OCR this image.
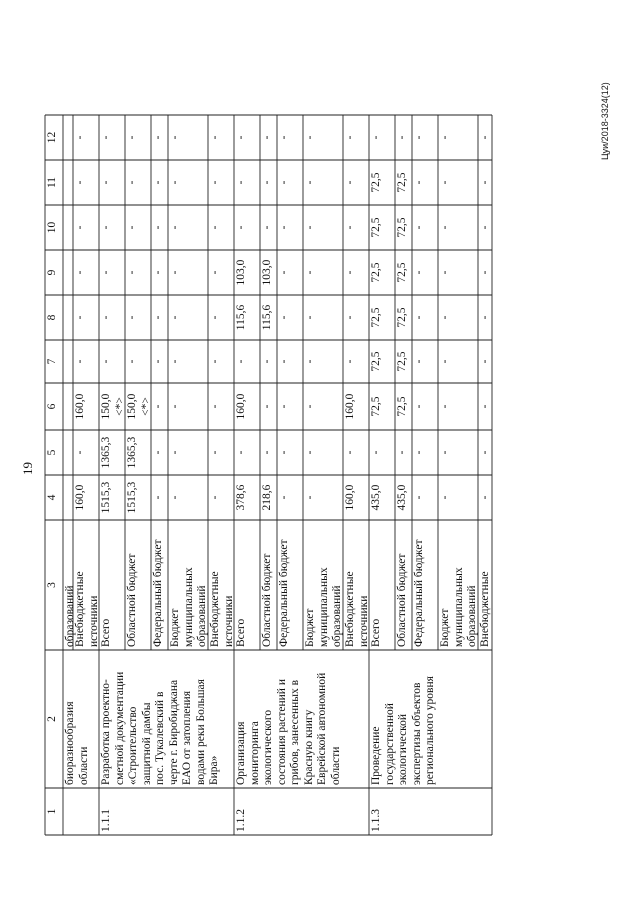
19
Цуи/2018-3324(12)
1
2
3
4
5
6
7
8
9
10
11
12
биоразнообразия
области
образований
Внебюджетные
источники
160,0
-
160,0
-
-
-
-
-
-
1.1.1
Разработка проектно-
сметной документации
«Строительство
защитной дамбы
пос. Тукалевский в
черте г. Биробиджана
ЕАО от затопления
водами реки Большая
Бира»
Всего
1515,3
1365,3
150,0
<*>
-
-
-
-
-
-
Областной бюджет
1515,3
1365,3
150,0
<*>
-
-
-
-
-
-
Федеральный бюджет
-
-
-
-
-
-
-
-
-
Бюджет
муниципальных
образований
-
-
-
-
-
-
-
-
-
Внебюджетные
источники
-
-
-
-
-
-
-
-
-
1.1.2
Организация
мониторинга
экологического
состояния растений и
грибов, занесенных в
Красную книгу
Еврейской автономной
области
Всего
378,6
-
160,0
-
115,6
103,0
-
-
-
Областной бюджет
218,6
-
-
-
115,6
103,0
-
-
-
Федеральный бюджет
-
-
-
-
-
-
-
-
-
Бюджет
муниципальных
образований
-
-
-
-
-
-
-
-
-
Внебюджетные
источники
160,0
-
160,0
-
-
-
-
-
-
1.1.3
Проведение
государственной
экологической
экспертизы объектов
регионального уровня
Всего
435,0
-
72,5
72,5
72,5
72,5
72,5
72,5
-
Областной бюджет
435,0
-
72,5
72,5
72,5
72,5
72,5
72,5
-
Федеральный бюджет
-
-
-
-
-
-
-
-
-
Бюджет
муниципальных
образований
-
-
-
-
-
-
-
-
-
Внебюджетные
-
-
-
-
-
-
-
-
-
